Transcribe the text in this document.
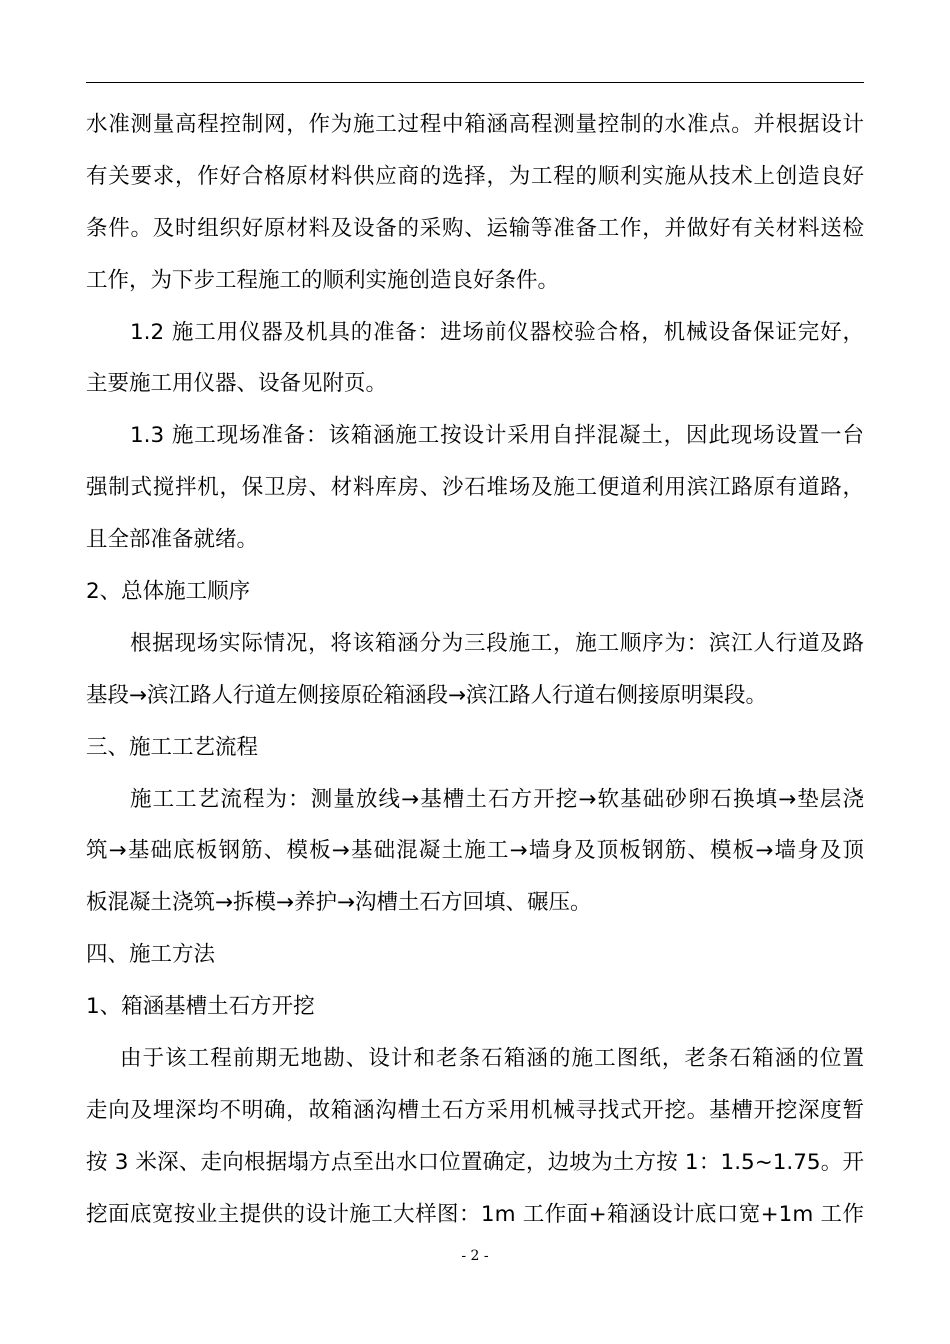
水准测量高程控制网，作为施工过程中箱涵高程测量控制的水准点。并根据设计
有关要求，作好合格原材料供应商的选择，为工程的顺利实施从技术上创造良好
条件。及时组织好原材料及设备的采购、运输等准备工作，并做好有关材料送检
工作，为下步工程施工的顺利实施创造良好条件。
1.2 施工用仪器及机具的准备：进场前仪器校验合格，机械设备保证完好，
主要施工用仪器、设备见附页。
1.3 施工现场准备：该箱涵施工按设计采用自拌混凝土，因此现场设置一台
强制式搅拌机，保卫房、材料库房、沙石堆场及施工便道利用滨江路原有道路，
且全部准备就绪。
2、总体施工顺序
根据现场实际情况，将该箱涵分为三段施工，施工顺序为：滨江人行道及路
基段→滨江路人行道左侧接原砼箱涵段→滨江路人行道右侧接原明渠段。
三、施工工艺流程
施工工艺流程为：测量放线→基槽土石方开挖→软基础砂卵石换填→垫层浇
筑→基础底板钢筋、模板→基础混凝土施工→墙身及顶板钢筋、模板→墙身及顶
板混凝土浇筑→拆模→养护→沟槽土石方回填、碾压。
四、施工方法
1、箱涵基槽土石方开挖
由于该工程前期无地勘、设计和老条石箱涵的施工图纸，老条石箱涵的位置
走向及埋深均不明确，故箱涵沟槽土石方采用机械寻找式开挖。基槽开挖深度暂
按 3 米深、走向根据塌方点至出水口位置确定，边坡为土方按 1：1.5~1.75。开
挖面底宽按业主提供的设计施工大样图：1m 工作面+箱涵设计底口宽+1m 工作
- 2 -
